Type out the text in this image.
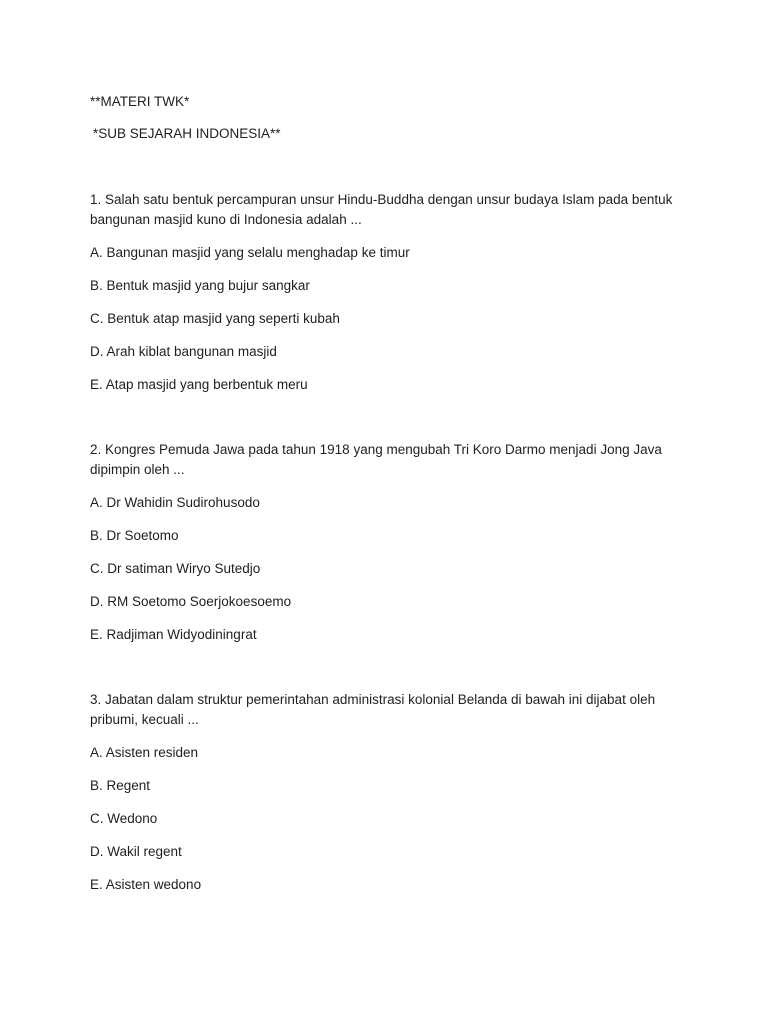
**MATERI TWK*

*SUB SEJARAH INDONESIA**

1. Salah satu bentuk percampuran unsur Hindu-Buddha dengan unsur budaya Islam pada bentuk bangunan masjid kuno di Indonesia adalah ...

A. Bangunan masjid yang selalu menghadap ke timur

B. Bentuk masjid yang bujur sangkar

C. Bentuk atap masjid yang seperti kubah

D. Arah kiblat bangunan masjid

E. Atap masjid yang berbentuk meru

2. Kongres Pemuda Jawa pada tahun 1918 yang mengubah Tri Koro Darmo menjadi Jong Java dipimpin oleh ...

A. Dr Wahidin Sudirohusodo

B. Dr Soetomo

C. Dr satiman Wiryo Sutedjo

D. RM Soetomo Soerjokoesoemo

E. Radjiman Widyodiningrat

3. Jabatan dalam struktur pemerintahan administrasi kolonial Belanda di bawah ini dijabat oleh pribumi, kecuali ...

A. Asisten residen

B. Regent

C. Wedono

D. Wakil regent

E. Asisten wedono
